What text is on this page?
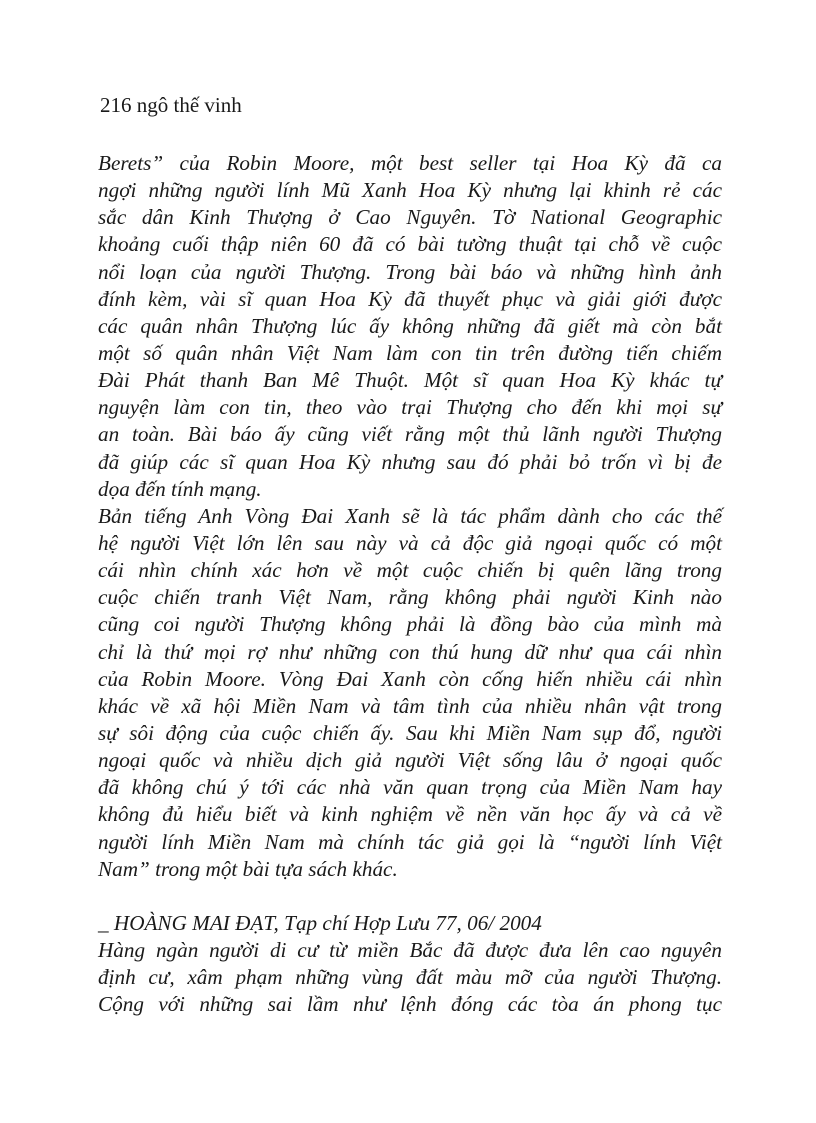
216 ngô thế vinh
Berets” của Robin Moore, một best seller tại Hoa Kỳ đã ca
ngợi những người lính Mũ Xanh Hoa Kỳ nhưng lại khinh rẻ các
sắc dân Kinh Thượng ở Cao Nguyên. Tờ National Geographic
khoảng cuối thập niên 60 đã có bài tường thuật tại chỗ về cuộc
nổi loạn của người Thượng. Trong bài báo và những hình ảnh
đính kèm, vài sĩ quan Hoa Kỳ đã thuyết phục và giải giới được
các quân nhân Thượng lúc ấy không những đã giết mà còn bắt
một số quân nhân Việt Nam làm con tin trên đường tiến chiếm
Đài Phát thanh Ban Mê Thuột. Một sĩ quan Hoa Kỳ khác tự
nguyện làm con tin, theo vào trại Thượng cho đến khi mọi sự
an toàn. Bài báo ấy cũng viết rằng một thủ lãnh người Thượng
đã giúp các sĩ quan Hoa Kỳ nhưng sau đó phải bỏ trốn vì bị đe
dọa đến tính mạng.
Bản tiếng Anh Vòng Đai Xanh sẽ là tác phẩm dành cho các thế
hệ người Việt lớn lên sau này và cả độc giả ngoại quốc có một
cái nhìn chính xác hơn về một cuộc chiến bị quên lãng trong
cuộc chiến tranh Việt Nam, rằng không phải người Kinh nào
cũng coi người Thượng không phải là đồng bào của mình mà
chỉ là thứ mọi rợ như những con thú hung dữ như qua cái nhìn
của Robin Moore. Vòng Đai Xanh còn cống hiến nhiều cái nhìn
khác về xã hội Miền Nam và tâm tình của nhiều nhân vật trong
sự sôi động của cuộc chiến ấy. Sau khi Miền Nam sụp đổ, người
ngoại quốc và nhiều dịch giả người Việt sống lâu ở ngoại quốc
đã không chú ý tới các nhà văn quan trọng của Miền Nam hay
không đủ hiểu biết và kinh nghiệm về nền văn học ấy và cả về
người lính Miền Nam mà chính tác giả gọi là “người lính Việt
Nam” trong một bài tựa sách khác.
_ HOÀNG MAI ĐẠT, Tạp chí Hợp Lưu 77, 06/ 2004
Hàng ngàn người di cư từ miền Bắc đã được đưa lên cao nguyên
định cư, xâm phạm những vùng đất màu mỡ của người Thượng.
Cộng với những sai lầm như lệnh đóng các tòa án phong tục
